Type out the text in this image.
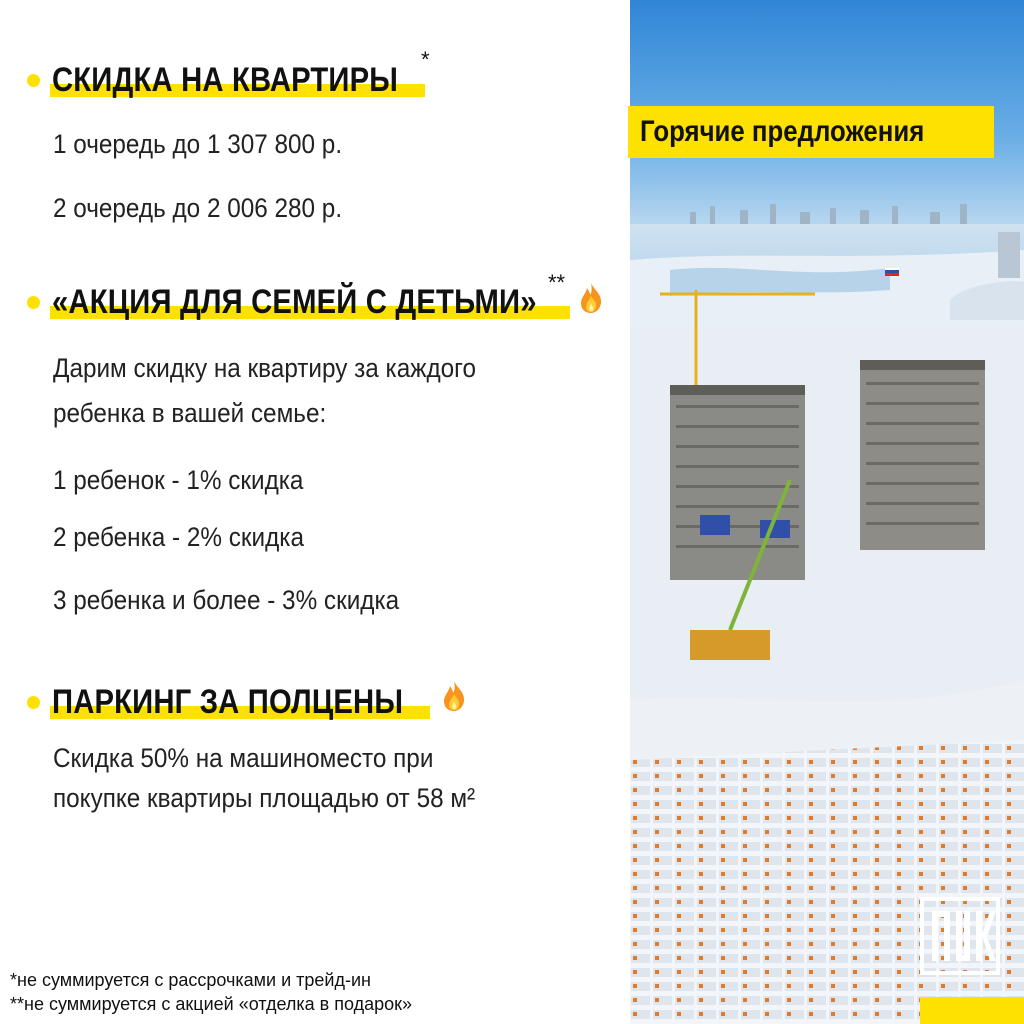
СКИДКА НА КВАРТИРЫ
*
1 очередь до 1 307 800 р.
2 очередь до 2 006 280 р.
«АКЦИЯ ДЛЯ СЕМЕЙ С ДЕТЬМИ»
**
Дарим скидку на квартиру за каждого
ребенка в вашей семье:
1 ребенок - 1% скидка
2 ребенка - 2% скидка
3 ребенка и более - 3% скидка
ПАРКИНГ ЗА ПОЛЦЕНЫ
Скидка 50% на машиноместо при
покупке квартиры площадью от 58 м²
*не суммируется с рассрочками и трейд-ин
**не суммируется с акцией «отделка в подарок»
Горячие предложения
